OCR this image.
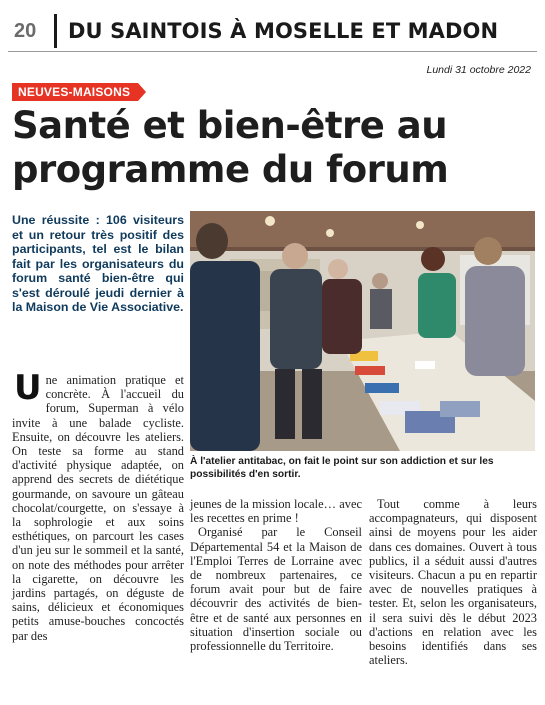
20 DU SAINTOIS À MOSELLE ET MADON
Lundi 31 octobre 2022
NEUVES-MAISONS
Santé et bien-être au programme du forum
Une réussite : 106 visiteurs et un retour très positif des participants, tel est le bilan fait par les organisateurs du forum santé bien-être qui s'est déroulé jeudi dernier à la Maison de Vie Associative.
À l'atelier antitabac, on fait le point sur son addiction et sur les possibilités d'en sortir.
U ne animation pratique et concrète. À l'accueil du forum, Superman à vélo invite à une balade cycliste. Ensuite, on découvre les ateliers. On teste sa forme au stand d'activité physique adaptée, on apprend des secrets de diététique gourmande, on savoure un gâteau chocolat/courgette, on s'essaye à la sophrologie et aux soins esthétiques, on parcourt les cases d'un jeu sur le sommeil et la santé, on note des méthodes pour arrêter la cigarette, on découvre les jardins partagés, on déguste de sains, délicieux et économiques petits amuse-bouches concoctés par des

jeunes de la mission locale… avec les recettes en prime !

Organisé par le Conseil Départemental 54 et la Maison de l'Emploi Terres de Lorraine avec de nombreux partenaires, ce forum avait pour but de faire découvrir des activités de bien-être et de santé aux personnes en situation d'insertion sociale ou professionnelle du Territoire.

Tout comme à leurs accompagnateurs, qui disposent ainsi de moyens pour les aider dans ces domaines. Ouvert à tous publics, il a séduit aussi d'autres visiteurs. Chacun a pu en repartir avec de nouvelles pratiques à tester. Et, selon les organisateurs, il sera suivi dès le début 2023 d'actions en relation avec les besoins identifiés dans ses ateliers.
